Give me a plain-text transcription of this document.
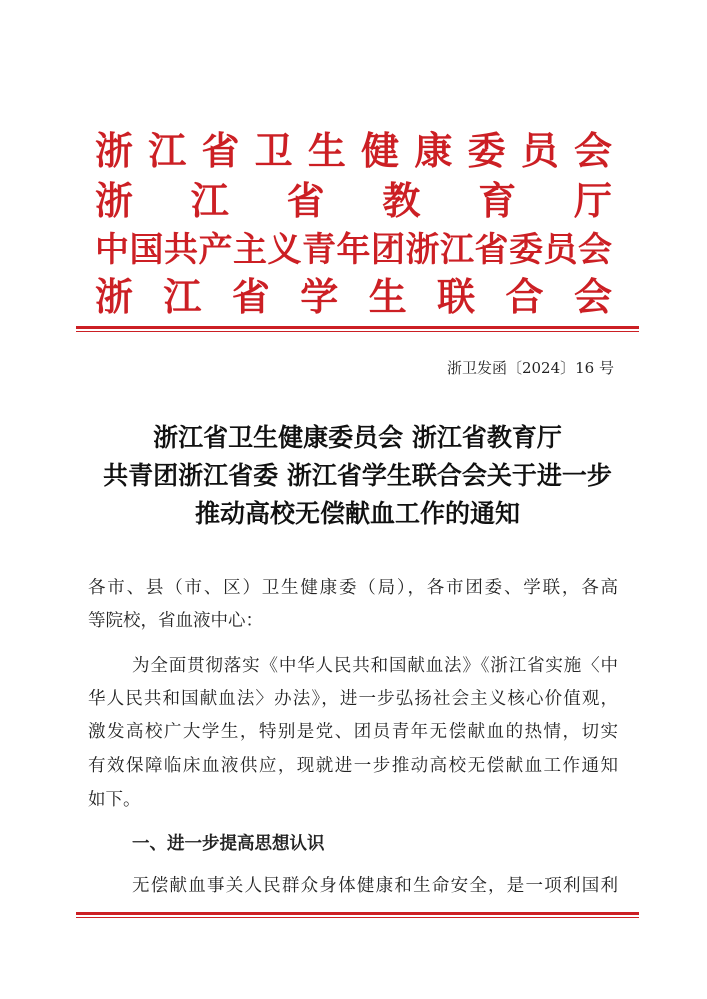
浙 江 省 卫 生 健 康 委 员 会
浙 江 省 教 育 厅
中 国 共 产 主 义 青 年 团 浙 江 省 委 员 会
浙 江 省 学 生 联 合 会
浙卫发函〔2024〕16 号
浙江省卫生健康委员会 浙江省教育厅
共青团浙江省委 浙江省学生联合会关于进一步
推动高校无偿献血工作的通知
各市、县（市、区）卫生健康委（局），各市团委、学联，各高
等院校，省血液中心：
为全面贯彻落实《中华人民共和国献血法》《浙江省实施〈中
华人民共和国献血法〉办法》，进一步弘扬社会主义核心价值观，
激发高校广大学生，特别是党、团员青年无偿献血的热情，切实
有效保障临床血液供应，现就进一步推动高校无偿献血工作通知
如下。
一、进一步提高思想认识
无偿献血事关人民群众身体健康和生命安全，是一项利国利
